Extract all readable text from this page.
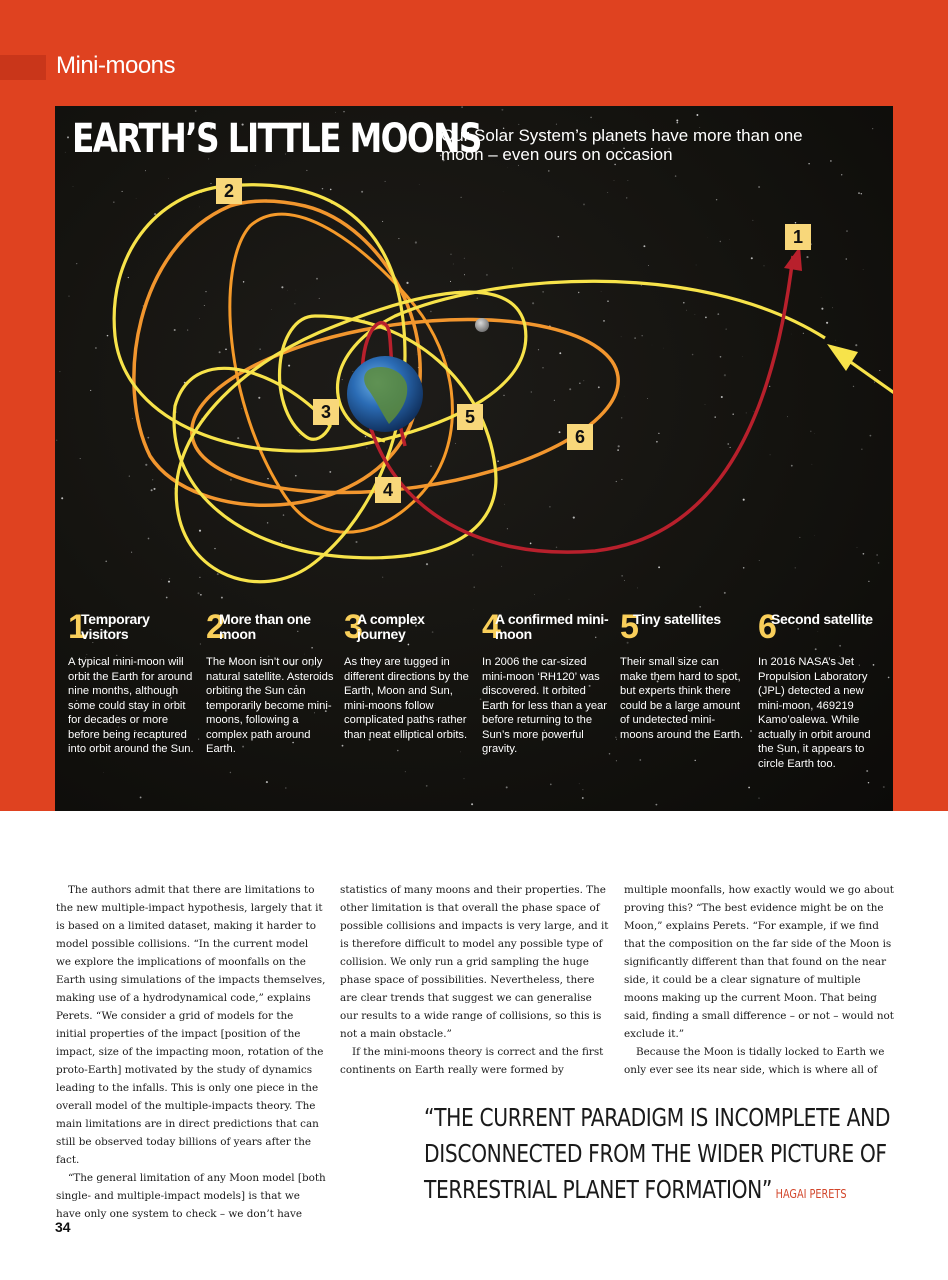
Mini-moons
EARTH’S LITTLE MOONS
Our Solar System’s planets have more than one moon – even ours on occasion
1
2
3
4
5
6
1
Temporary visitors
A typical mini-moon will orbit the Earth for around nine months, although some could stay in orbit for decades or more before being recaptured into orbit around the Sun.
2
More than one moon
The Moon isn’t our only natural satellite. Asteroids orbiting the Sun can temporarily become mini-moons, following a complex path around Earth.
3
A complex journey
As they are tugged in different directions by the Earth, Moon and Sun, mini-moons follow complicated paths rather than neat elliptical orbits.
4
A confirmed mini-moon
In 2006 the car-sized mini-moon ‘RH120’ was discovered. It orbited Earth for less than a year before returning to the Sun’s more powerful gravity.
5
Tiny satellites
Their small size can make them hard to spot, but experts think there could be a large amount of undetected mini-moons around the Earth.
6
Second satellite
In 2016 NASA’s Jet Propulsion Laboratory (JPL) detected a new mini-moon, 469219 Kamo’oalewa. While actually in orbit around the Sun, it appears to circle Earth too.

The authors admit that there are limitations to the new multiple-impact hypothesis, largely that it is based on a limited dataset, making it harder to model possible collisions. “In the current model we explore the implications of moonfalls on the Earth using simulations of the impacts themselves, making use of a hydrodynamical code,” explains Perets. “We consider a grid of models for the initial properties of the impact [position of the impact, size of the impacting moon, rotation of the proto-Earth] motivated by the study of dynamics leading to the infalls. This is only one piece in the overall model of the multiple-impacts theory. The main limitations are in direct predictions that can still be observed today billions of years after the fact.

“The general limitation of any Moon model [both single- and multiple-impact models] is that we have only one system to check – we don’t have

statistics of many moons and their properties. The other limitation is that overall the phase space of possible collisions and impacts is very large, and it is therefore difficult to model any possible type of collision. We only run a grid sampling the huge phase space of possibilities. Nevertheless, there are clear trends that suggest we can generalise our results to a wide range of collisions, so this is not a main obstacle.”

If the mini-moons theory is correct and the first continents on Earth really were formed by

multiple moonfalls, how exactly would we go about proving this? “The best evidence might be on the Moon,” explains Perets. “For example, if we find that the composition on the far side of the Moon is significantly different than that found on the near side, it could be a clear signature of multiple moons making up the current Moon. That being said, finding a small difference – or not – would not exclude it.”

Because the Moon is tidally locked to Earth we only ever see its near side, which is where all of

“THE CURRENT PARADIGM IS INCOMPLETE AND
DISCONNECTED FROM THE WIDER PICTURE OF
TERRESTRIAL PLANET FORMATION” HAGAI PERETS
34
